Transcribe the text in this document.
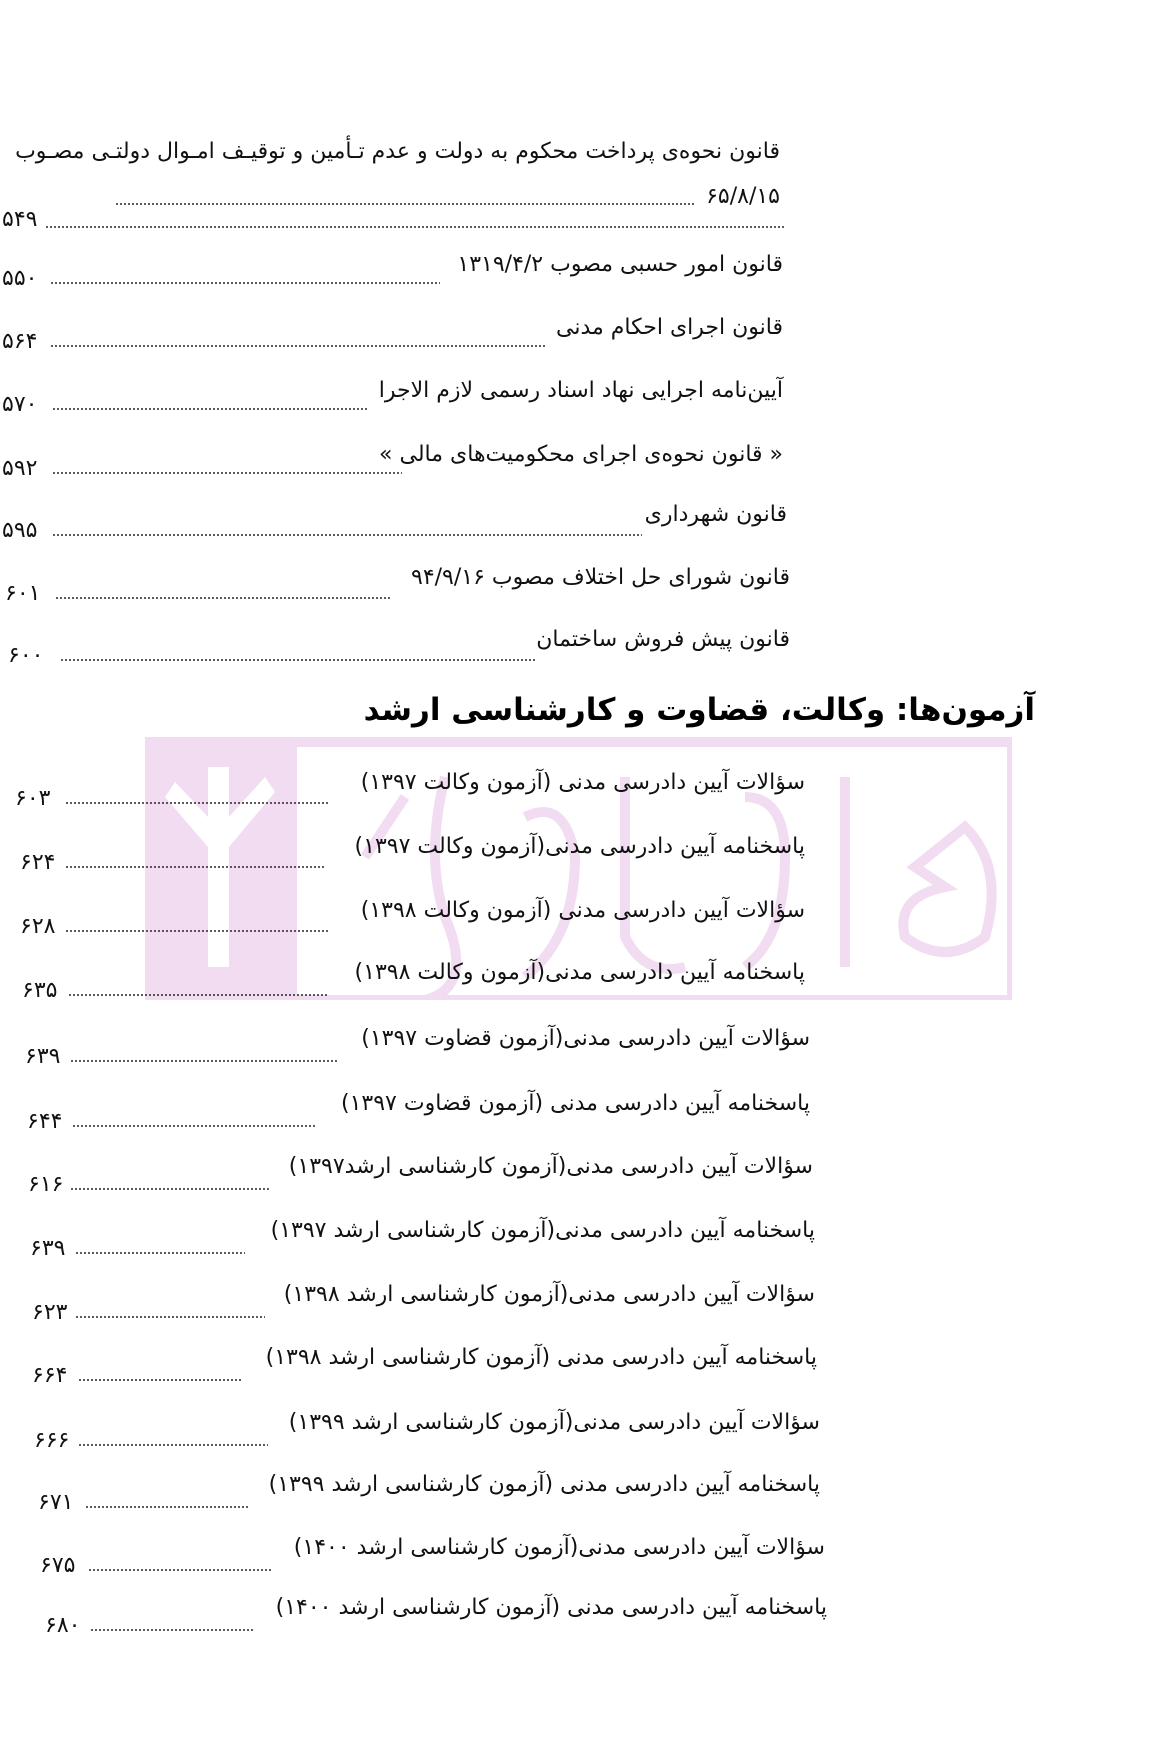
قانون نحوه‌ی پرداخت محکوم به دولت و عدم تـأمین و توقیـف امـوال دولتـی مصـوب
۶۵/۸/۱۵
۵۴۹
قانون امور حسبی مصوب ۱۳۱۹/۴/۲
۵۵۰
قانون اجرای احکام مدنی
۵۶۴
آیین‌نامه اجرایی نهاد اسناد رسمی لازم الاجرا
۵۷۰
« قانون نحوه‌ی اجرای محکومیت‌های مالی »
۵۹۲
قانون شهرداری
۵۹۵
قانون شورای حل اختلاف مصوب ۹۴/۹/۱۶
۶۰۱
قانون پیش فروش ساختمان
۶۰۰
آزمون‌ها: وکالت، قضاوت و کارشناسی ارشد
سؤالات آیین دادرسی مدنی (آزمون وکالت ۱۳۹۷)
۶۰۳
پاسخنامه آیین دادرسی مدنی(آزمون وکالت ۱۳۹۷)
۶۲۴
سؤالات آیین دادرسی مدنی (آزمون وکالت ۱۳۹۸)
۶۲۸
پاسخنامه آیین دادرسی مدنی(آزمون وکالت ۱۳۹۸)
۶۳۵
سؤالات آیین دادرسی مدنی(آزمون قضاوت ۱۳۹۷)
۶۳۹
پاسخنامه آیین دادرسی مدنی (آزمون قضاوت ۱۳۹۷)
۶۴۴
سؤالات آیین دادرسی مدنی(آزمون کارشناسی ارشد۱۳۹۷)
۶۱۶
پاسخنامه آیین دادرسی مدنی(آزمون کارشناسی ارشد ۱۳۹۷)
۶۳۹
سؤالات آیین دادرسی مدنی(آزمون کارشناسی ارشد ۱۳۹۸)
۶۲۳
پاسخنامه آیین دادرسی مدنی (آزمون کارشناسی ارشد ۱۳۹۸)
۶۶۴
سؤالات آیین دادرسی مدنی(آزمون کارشناسی ارشد ۱۳۹۹)
۶۶۶
پاسخنامه آیین دادرسی مدنی (آزمون کارشناسی ارشد ۱۳۹۹)
۶۷۱
سؤالات آیین دادرسی مدنی(آزمون کارشناسی ارشد ۱۴۰۰)
۶۷۵
پاسخنامه آیین دادرسی مدنی (آزمون کارشناسی ارشد ۱۴۰۰)
۶۸۰
